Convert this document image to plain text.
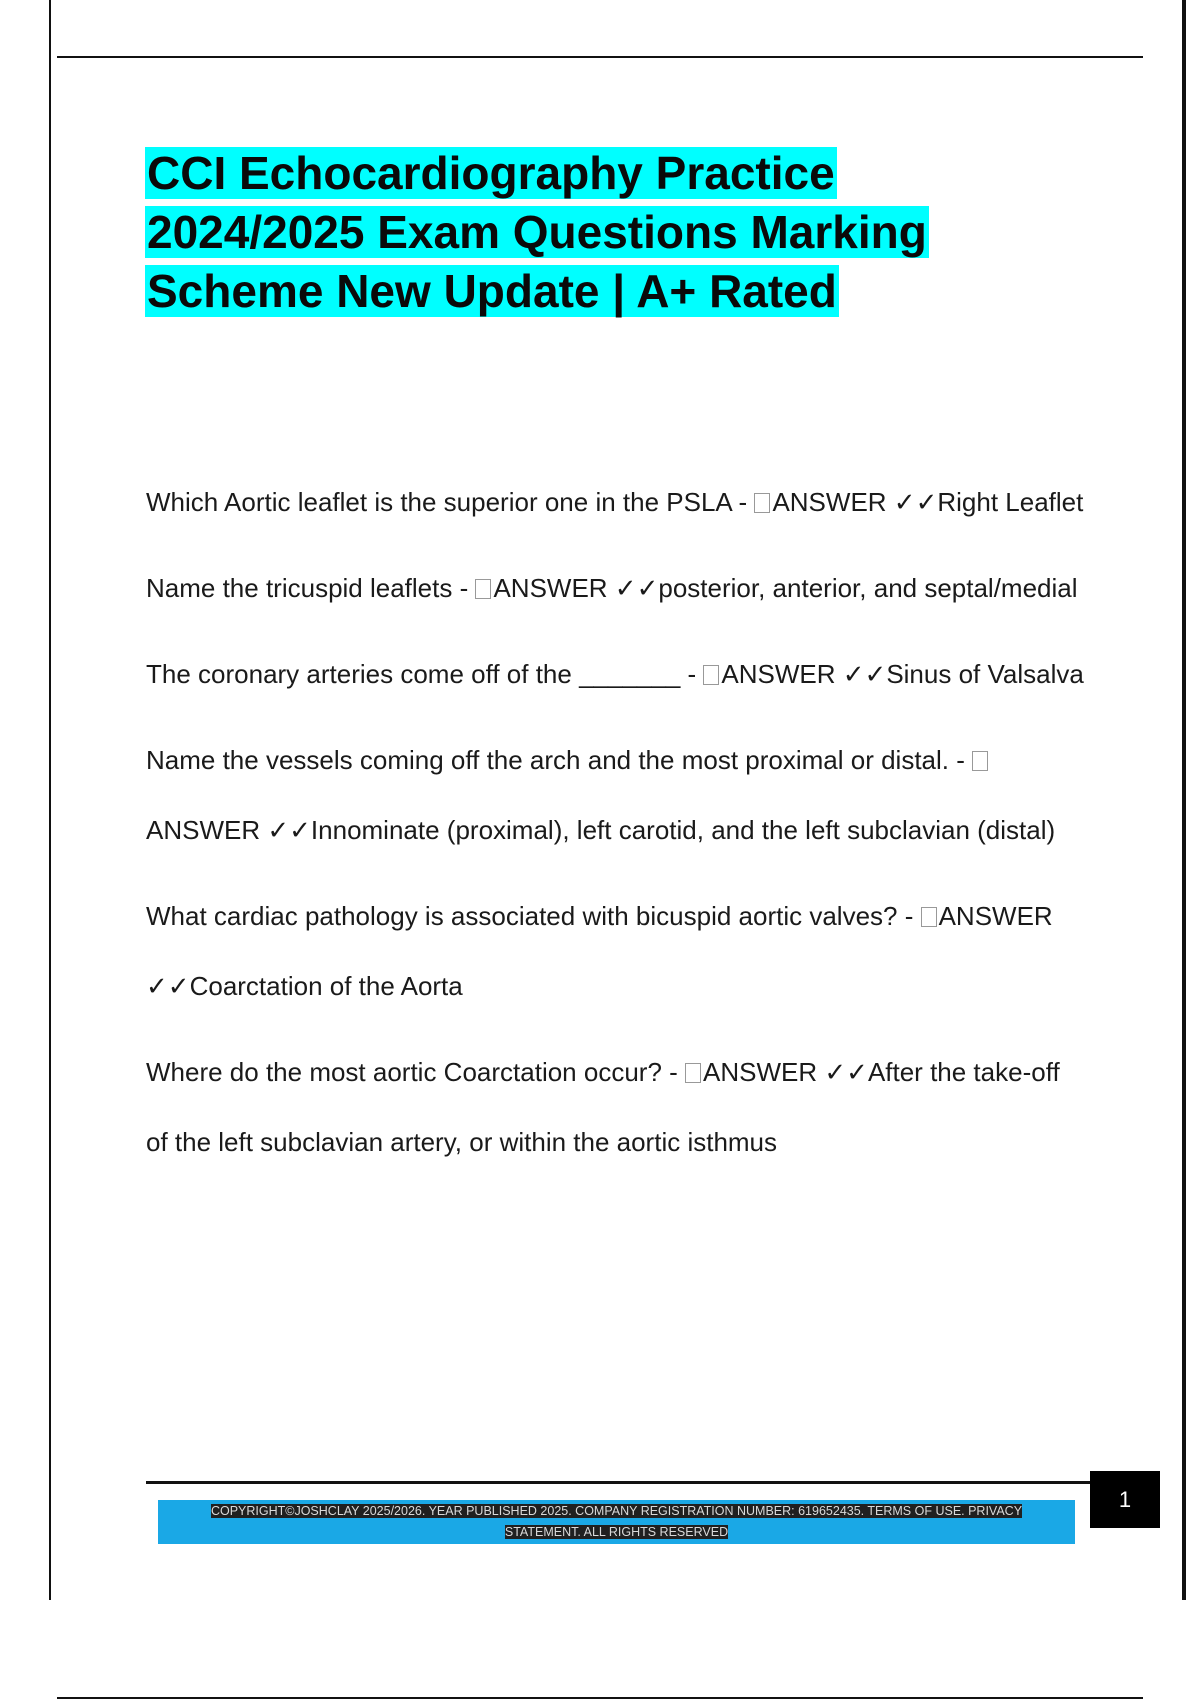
CCI Echocardiography Practice
2024/2025 Exam Questions Marking
Scheme New Update | A+ Rated

Which Aortic leaflet is the superior one in the PSLA - ANSWER ✓✓Right Leaflet

Name the tricuspid leaflets - ANSWER ✓✓posterior, anterior, and septal/medial

The coronary arteries come off of the _______ - ANSWER ✓✓Sinus of Valsalva

Name the vessels coming off the arch and the most proximal or distal. - ANSWER ✓✓Innominate (proximal), left carotid, and the left subclavian (distal)

What cardiac pathology is associated with bicuspid aortic valves? - ANSWER ✓✓Coarctation of the Aorta

Where do the most aortic Coarctation occur? - ANSWER ✓✓After the take-off of the left subclavian artery, or within the aortic isthmus

1
COPYRIGHT©JOSHCLAY 2025/2026. YEAR PUBLISHED 2025. COMPANY REGISTRATION NUMBER: 619652435. TERMS OF USE. PRIVACY STATEMENT. ALL RIGHTS RESERVED
